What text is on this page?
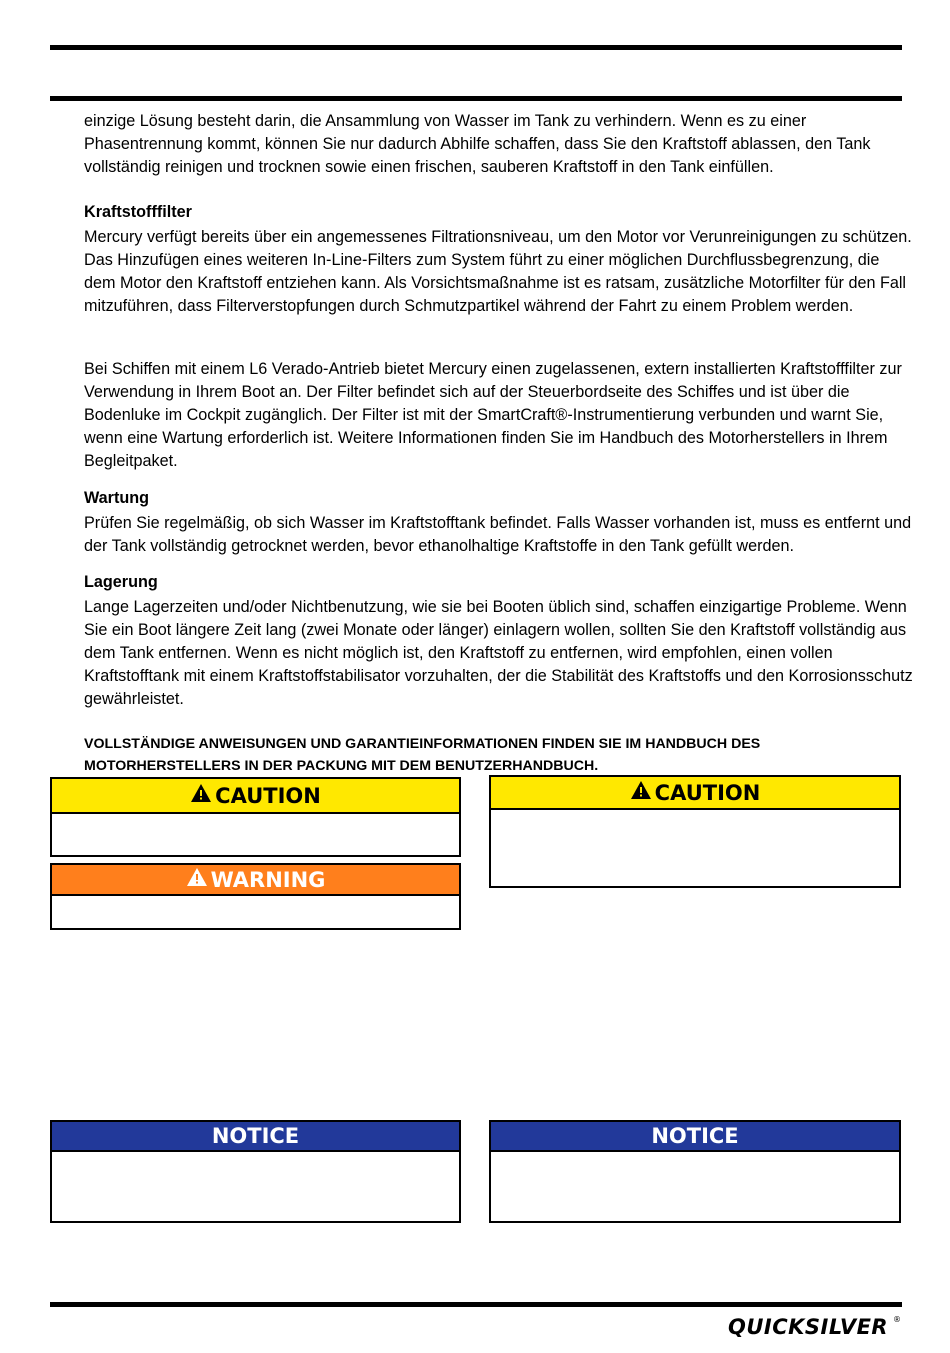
einzige Lösung besteht darin, die Ansammlung von Wasser im Tank zu verhindern. Wenn es zu einer Phasentrennung kommt, können Sie nur dadurch Abhilfe schaffen, dass Sie den Kraftstoff ablassen, den Tank vollständig reinigen und trocknen sowie einen frischen, sauberen Kraftstoff in den Tank einfüllen.

Kraftstofffilter

Mercury verfügt bereits über ein angemessenes Filtrationsniveau, um den Motor vor Verunreinigungen zu schützen. Das Hinzufügen eines weiteren In-Line-Filters zum System führt zu einer möglichen Durchflussbegrenzung, die dem Motor den Kraftstoff entziehen kann. Als Vorsichtsmaßnahme ist es ratsam, zusätzliche Motorfilter für den Fall mitzuführen, dass Filterverstopfungen durch Schmutzpartikel während der Fahrt zu einem Problem werden.

Bei Schiffen mit einem L6 Verado-Antrieb bietet Mercury einen zugelassenen, extern installierten Kraftstofffilter zur Verwendung in Ihrem Boot an. Der Filter befindet sich auf der Steuerbordseite des Schiffes und ist über die Bodenluke im Cockpit zugänglich. Der Filter ist mit der SmartCraft®-Instrumentierung verbunden und warnt Sie, wenn eine Wartung erforderlich ist. Weitere Informationen finden Sie im Handbuch des Motorherstellers in Ihrem Begleitpaket.

Wartung

Prüfen Sie regelmäßig, ob sich Wasser im Kraftstofftank befindet. Falls Wasser vorhanden ist, muss es entfernt und der Tank vollständig getrocknet werden, bevor ethanolhaltige Kraftstoffe in den Tank gefüllt werden.

Lagerung

Lange Lagerzeiten und/oder Nichtbenutzung, wie sie bei Booten üblich sind, schaffen einzigartige Probleme. Wenn Sie ein Boot längere Zeit lang (zwei Monate oder länger) einlagern wollen, sollten Sie den Kraftstoff vollständig aus dem Tank entfernen. Wenn es nicht möglich ist, den Kraftstoff zu entfernen, wird empfohlen, einen vollen Kraftstofftank mit einem Kraftstoffstabilisator vorzuhalten, der die Stabilität des Kraftstoffs und den Korrosionsschutz gewährleistet.

VOLLSTÄNDIGE ANWEISUNGEN UND GARANTIEINFORMATIONEN FINDEN SIE IM HANDBUCH DES MOTORHERSTELLERS IN DER PACKUNG MIT DEM BENUTZERHANDBUCH.

CAUTION
WARNING
CAUTION
NOTICE	NOTICE
QUICKSILVER ®
